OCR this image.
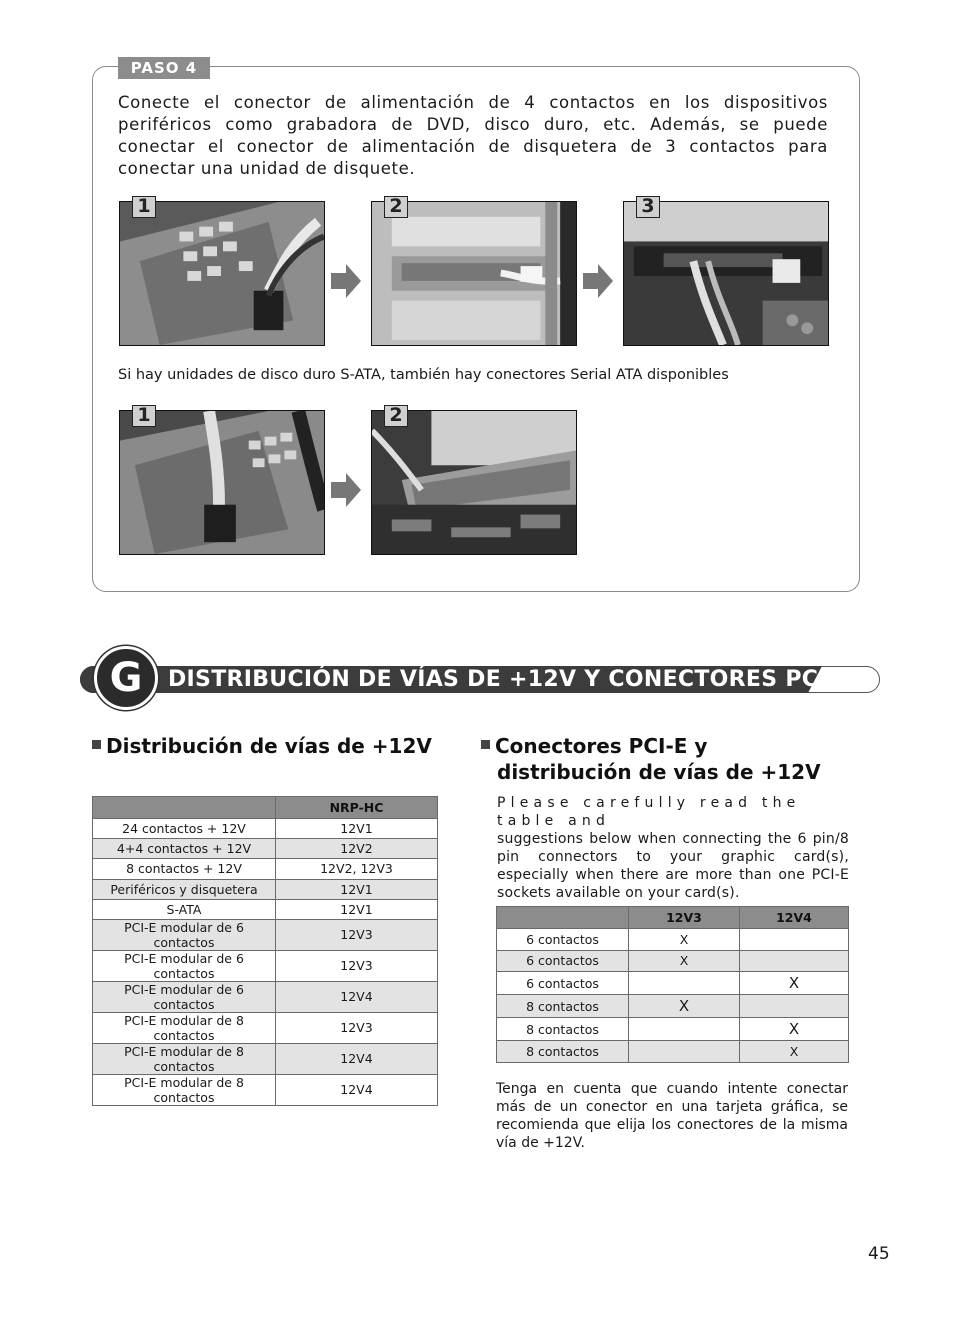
PASO 4
Conecte el conector de alimentación de 4 contactos en los dispositivos periféricos como grabadora de DVD, disco duro, etc. Además, se puede conectar el conector de alimentación de disquetera de 3 contactos para conectar una unidad de disquete.
1	2	3
Si hay unidades de disco duro S-ATA, también hay conectores Serial ATA disponibles
1	2
DISTRIBUCIÓN DE VÍAS DE +12V Y CONECTORES PCI-E
G
Distribución de vías de +12V
	NRP-HC
24 contactos + 12V	12V1
4+4 contactos + 12V	12V2
8 contactos + 12V	12V2, 12V3
Periféricos y disquetera	12V1
S-ATA	12V1
PCI-E modular de 6 contactos	12V3
PCI-E modular de 6 contactos	12V3
PCI-E modular de 6 contactos	12V4
PCI-E modular de 8 contactos	12V3
PCI-E modular de 8 contactos	12V4
PCI-E modular de 8 contactos	12V4
Conectores PCI-E y
distribución de vías de +12V
Please carefully read the table and
suggestions below when connecting the 6 pin/8 pin connectors to your graphic card(s), especially when there are more than one PCI-E sockets available on your card(s).
	12V3	12V4
6 contactos	X	
6 contactos	X	
6 contactos		X
8 contactos	X	
8 contactos		X
8 contactos		X
Tenga en cuenta que cuando intente conectar más de un conector en una tarjeta gráfica, se recomienda que elija los conectores de la misma vía de +12V.
45
